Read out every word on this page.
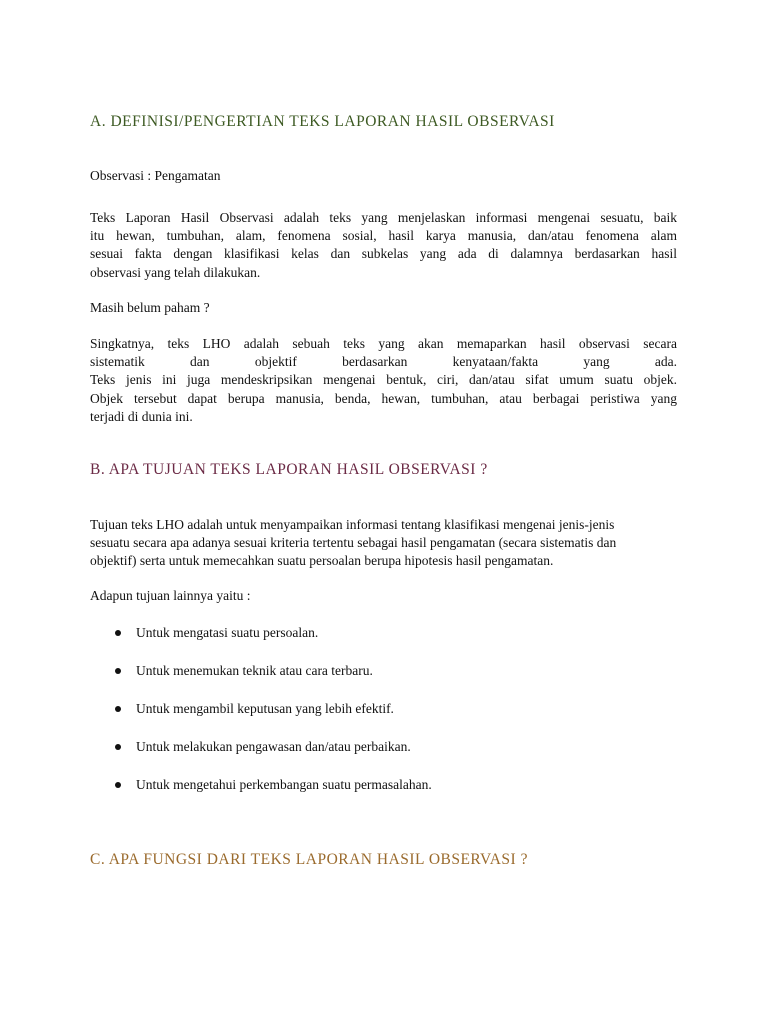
A. DEFINISI/PENGERTIAN TEKS LAPORAN HASIL OBSERVASI

Observasi : Pengamatan

Teks Laporan Hasil Observasi adalah teks yang menjelaskan informasi mengenai sesuatu, baik
itu hewan, tumbuhan, alam, fenomena sosial, hasil karya manusia, dan/atau fenomena alam
sesuai fakta dengan klasifikasi kelas dan subkelas yang ada di dalamnya berdasarkan hasil
observasi yang telah dilakukan.

Masih belum paham ?

Singkatnya, teks LHO adalah sebuah teks yang akan memaparkan hasil observasi secara
sistematik dan objektif berdasarkan kenyataan/fakta yang ada.
Teks jenis ini juga mendeskripsikan mengenai bentuk, ciri, dan/atau sifat umum suatu objek.
Objek tersebut dapat berupa manusia, benda, hewan, tumbuhan, atau berbagai peristiwa yang
terjadi di dunia ini.

B. APA TUJUAN TEKS LAPORAN HASIL OBSERVASI ?

Tujuan teks LHO adalah untuk menyampaikan informasi tentang klasifikasi mengenai jenis-jenis
sesuatu secara apa adanya sesuai kriteria tertentu sebagai hasil pengamatan (secara sistematis dan
objektif) serta untuk memecahkan suatu persoalan berupa hipotesis hasil pengamatan.

Adapun tujuan lainnya yaitu :

Untuk mengatasi suatu persoalan.
Untuk menemukan teknik atau cara terbaru.
Untuk mengambil keputusan yang lebih efektif.
Untuk melakukan pengawasan dan/atau perbaikan.
Untuk mengetahui perkembangan suatu permasalahan.
C. APA FUNGSI DARI TEKS LAPORAN HASIL OBSERVASI ?
